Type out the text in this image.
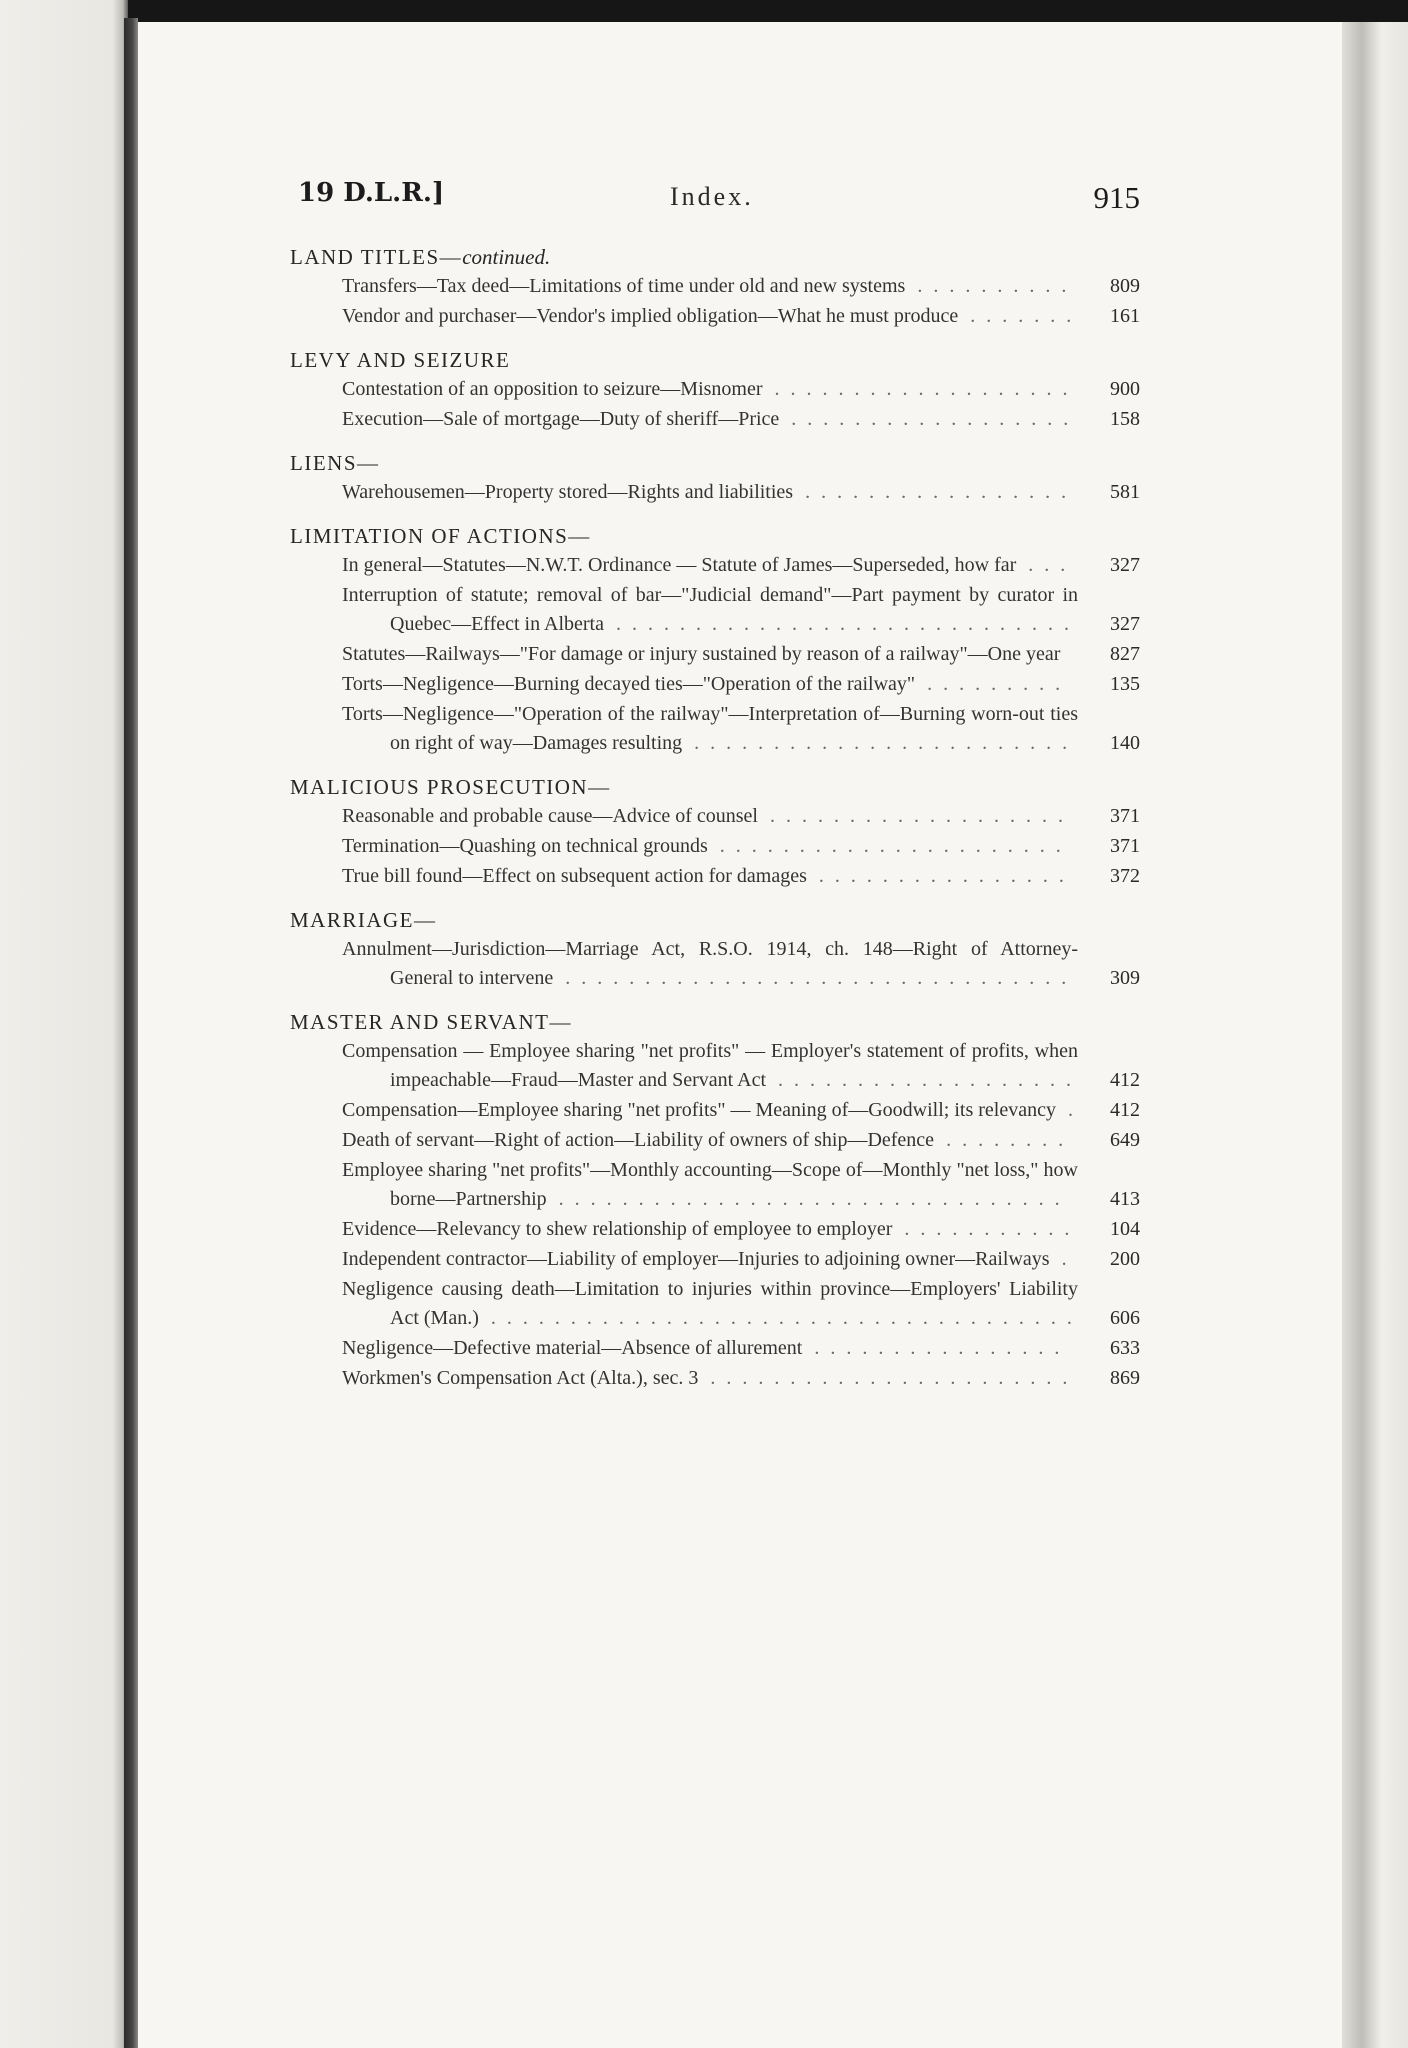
19 D.L.R.]	Index.	915
LAND TITLES—continued.
Transfers—Tax deed—Limitations of time under old and new systems . . . . . . . . . .	809
Vendor and purchaser—Vendor's implied obligation—What he must produce . . . . . . .	161
LEVY AND SEIZURE
Contestation of an opposition to seizure—Misnomer . . . . . . . . . . . . . . . . . . .	900
Execution—Sale of mortgage—Duty of sheriff—Price . . . . . . . . . . . . . . . . . .	158
LIENS—
Warehousemen—Property stored—Rights and liabilities . . . . . . . . . . . . . . . . .	581
LIMITATION OF ACTIONS—
In general—Statutes—N.W.T. Ordinance — Statute of James—Superseded, how far . . .	327
Interruption of statute; removal of bar—"Judicial demand"—Part payment by curator in Quebec—Effect in Alberta . . . . . . . . . . . . . . . . . . . . . . . . . . . . .	327
Statutes—Railways—"For damage or injury sustained by reason of a railway"—One year	827
Torts—Negligence—Burning decayed ties—"Operation of the railway" . . . . . . . . .	135
Torts—Negligence—"Operation of the railway"—Interpretation of—Burning worn-out ties on right of way—Damages resulting . . . . . . . . . . . . . . . . . . . . . . . .	140
MALICIOUS PROSECUTION—
Reasonable and probable cause—Advice of counsel . . . . . . . . . . . . . . . . . . .	371
Termination—Quashing on technical grounds . . . . . . . . . . . . . . . . . . . . . .	371
True bill found—Effect on subsequent action for damages . . . . . . . . . . . . . . . .	372
MARRIAGE—
Annulment—Jurisdiction—Marriage Act, R.S.O. 1914, ch. 148—Right of Attorney-General to intervene . . . . . . . . . . . . . . . . . . . . . . . . . . . . . . . .	309
MASTER AND SERVANT—
Compensation — Employee sharing "net profits" — Employer's statement of profits, when impeachable—Fraud—Master and Servant Act . . . . . . . . . . . . . . . . . . .	412
Compensation—Employee sharing "net profits" — Meaning of—Goodwill; its relevancy .	412
Death of servant—Right of action—Liability of owners of ship—Defence . . . . . . . .	649
Employee sharing "net profits"—Monthly accounting—Scope of—Monthly "net loss," how borne—Partnership . . . . . . . . . . . . . . . . . . . . . . . . . . . . . . . .	413
Evidence—Relevancy to shew relationship of employee to employer . . . . . . . . . . .	104
Independent contractor—Liability of employer—Injuries to adjoining owner—Railways .	200
Negligence causing death—Limitation to injuries within province—Employers' Liability Act (Man.) . . . . . . . . . . . . . . . . . . . . . . . . . . . . . . . . . . . . .	606
Negligence—Defective material—Absence of allurement . . . . . . . . . . . . . . . .	633
Workmen's Compensation Act (Alta.), sec. 3 . . . . . . . . . . . . . . . . . . . . . . .	869
